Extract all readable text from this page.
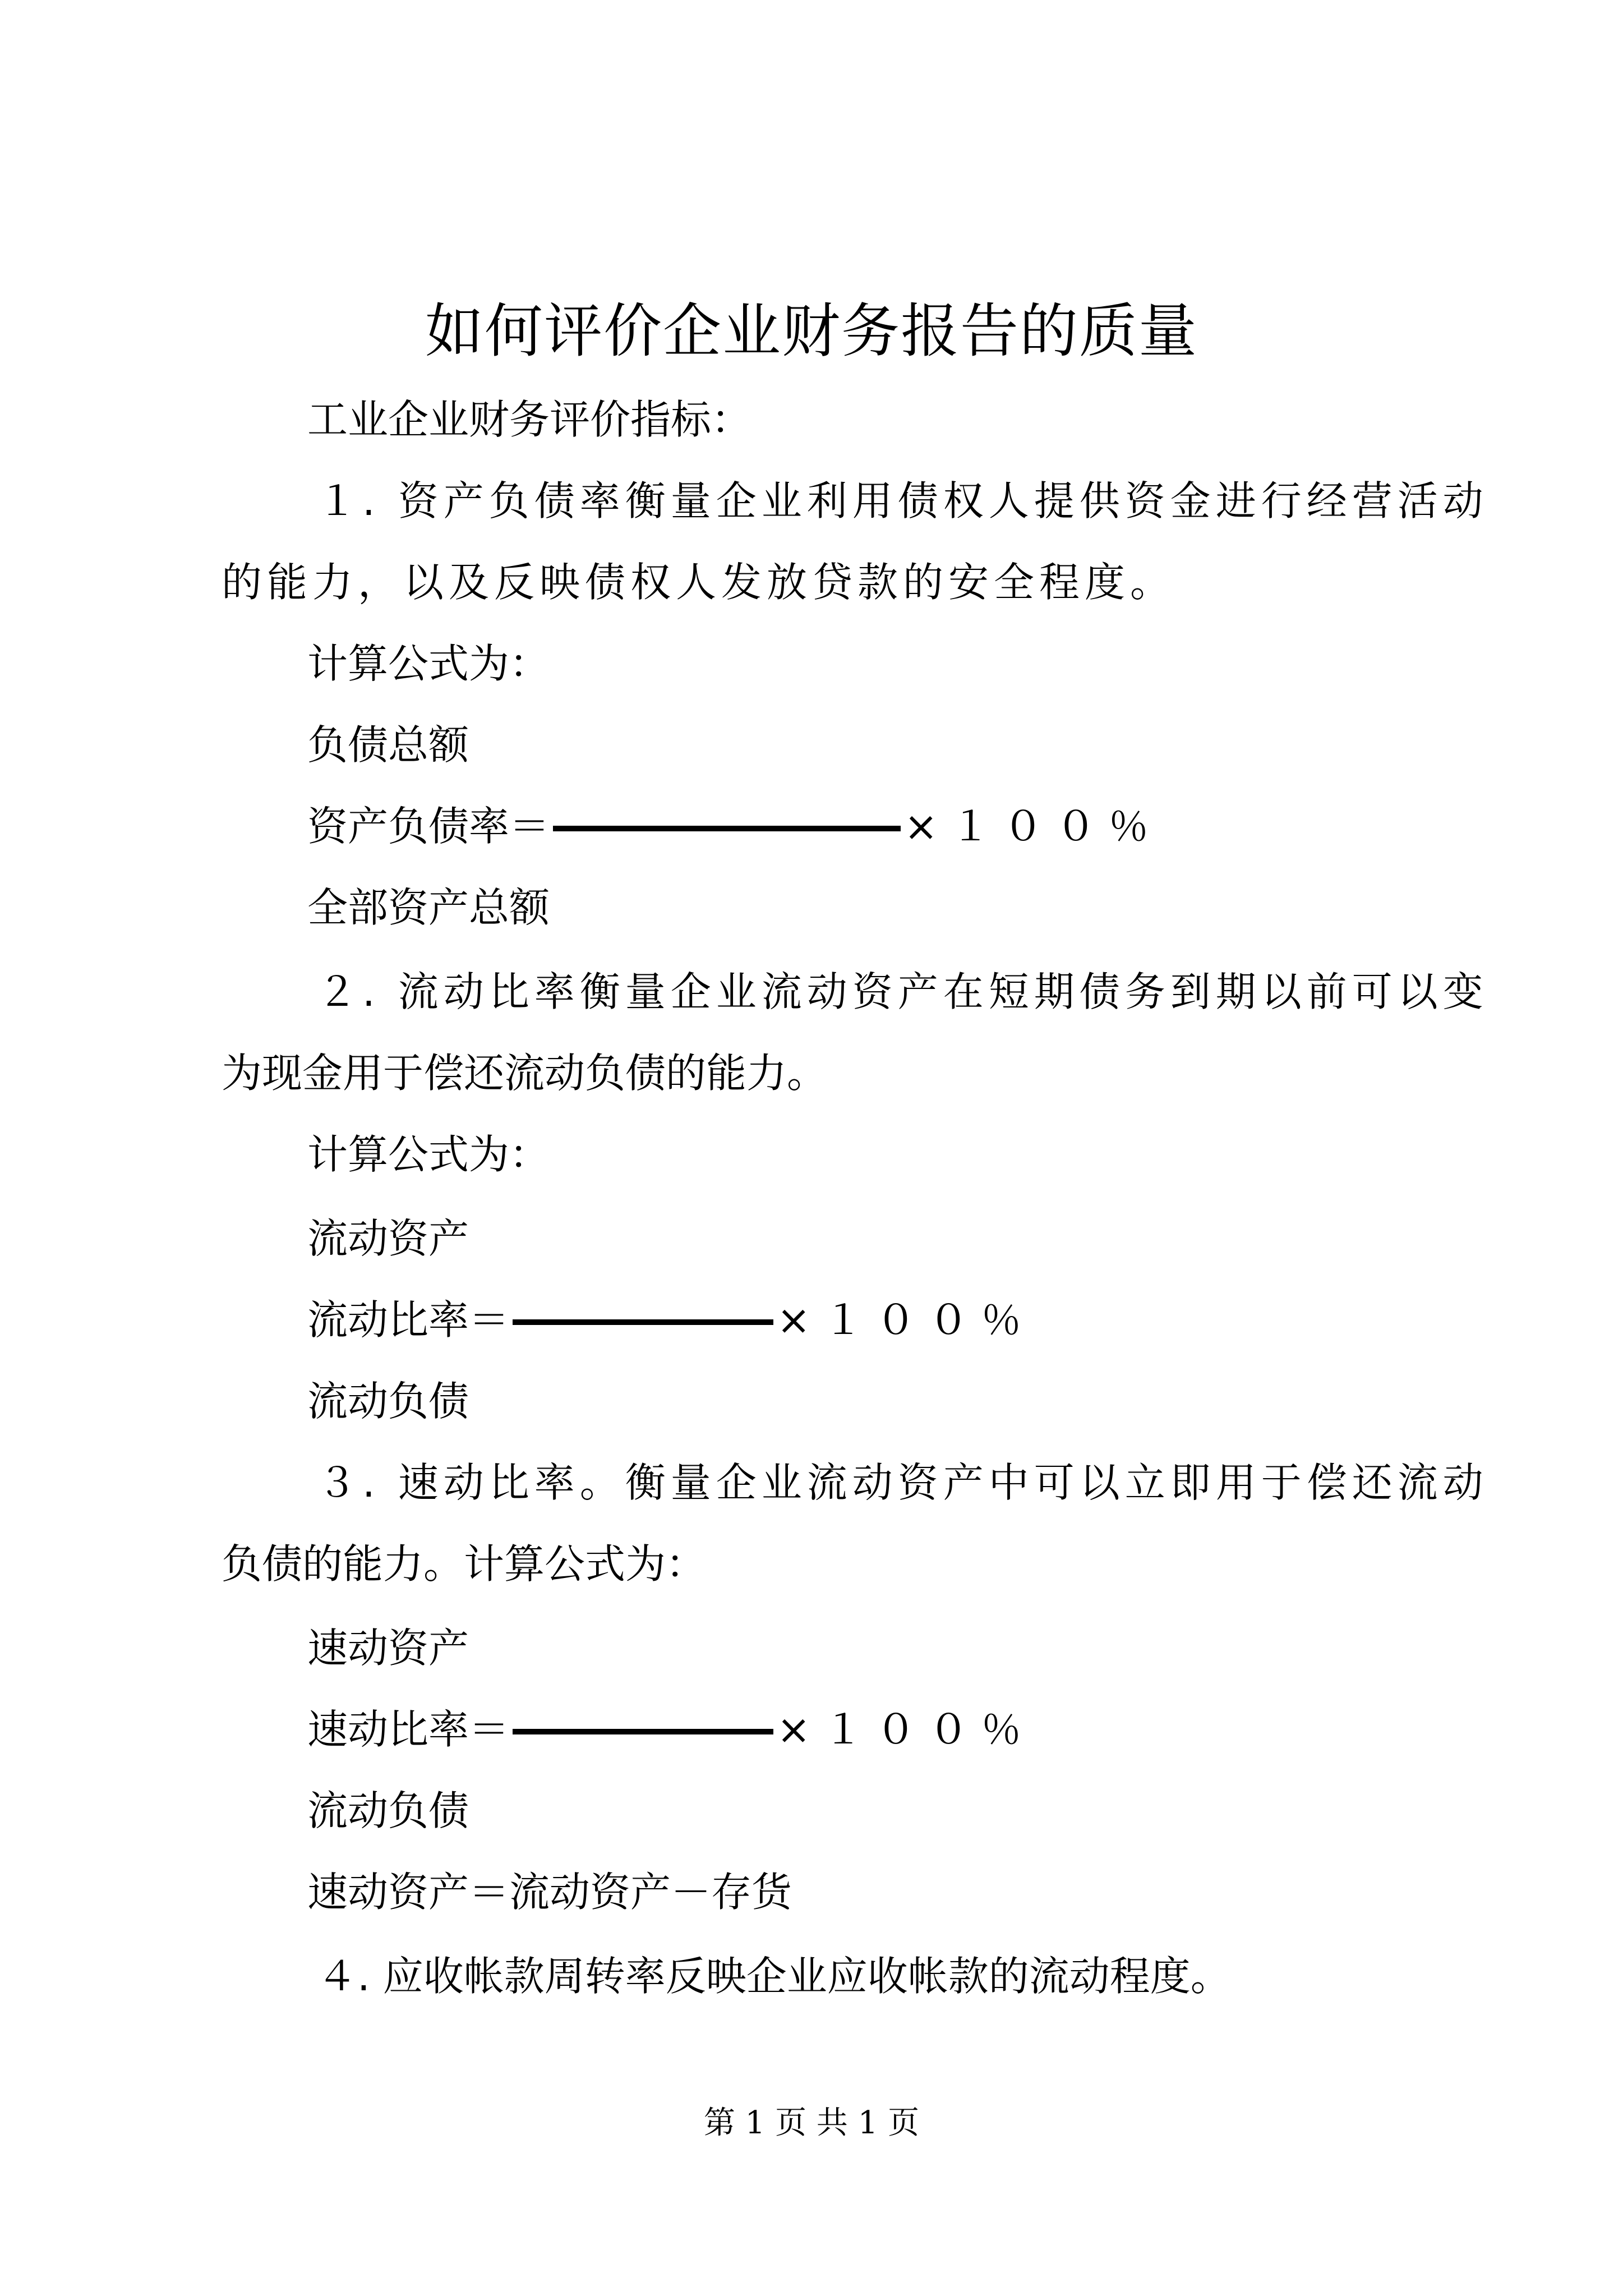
如何评价企业财务报告的质量
工业企业财务评价指标：
１. 资产负债率衡量企业利用债权人提供资金进行经营活动
的能力，以及反映债权人发放贷款的安全程度。
计算公式为：
负债总额
资产负债率＝	×１００％
全部资产总额
２. 流动比率衡量企业流动资产在短期债务到期以前可以变
为现金用于偿还流动负债的能力。
计算公式为：
流动资产
流动比率＝	×１００％
流动负债
３. 速动比率。衡量企业流动资产中可以立即用于偿还流动
负债的能力。计算公式为：
速动资产
速动比率＝	×１００％
流动负债
速动资产＝流动资产－存货
４. 应收帐款周转率反映企业应收帐款的流动程度。
第 1 页 共 1 页
